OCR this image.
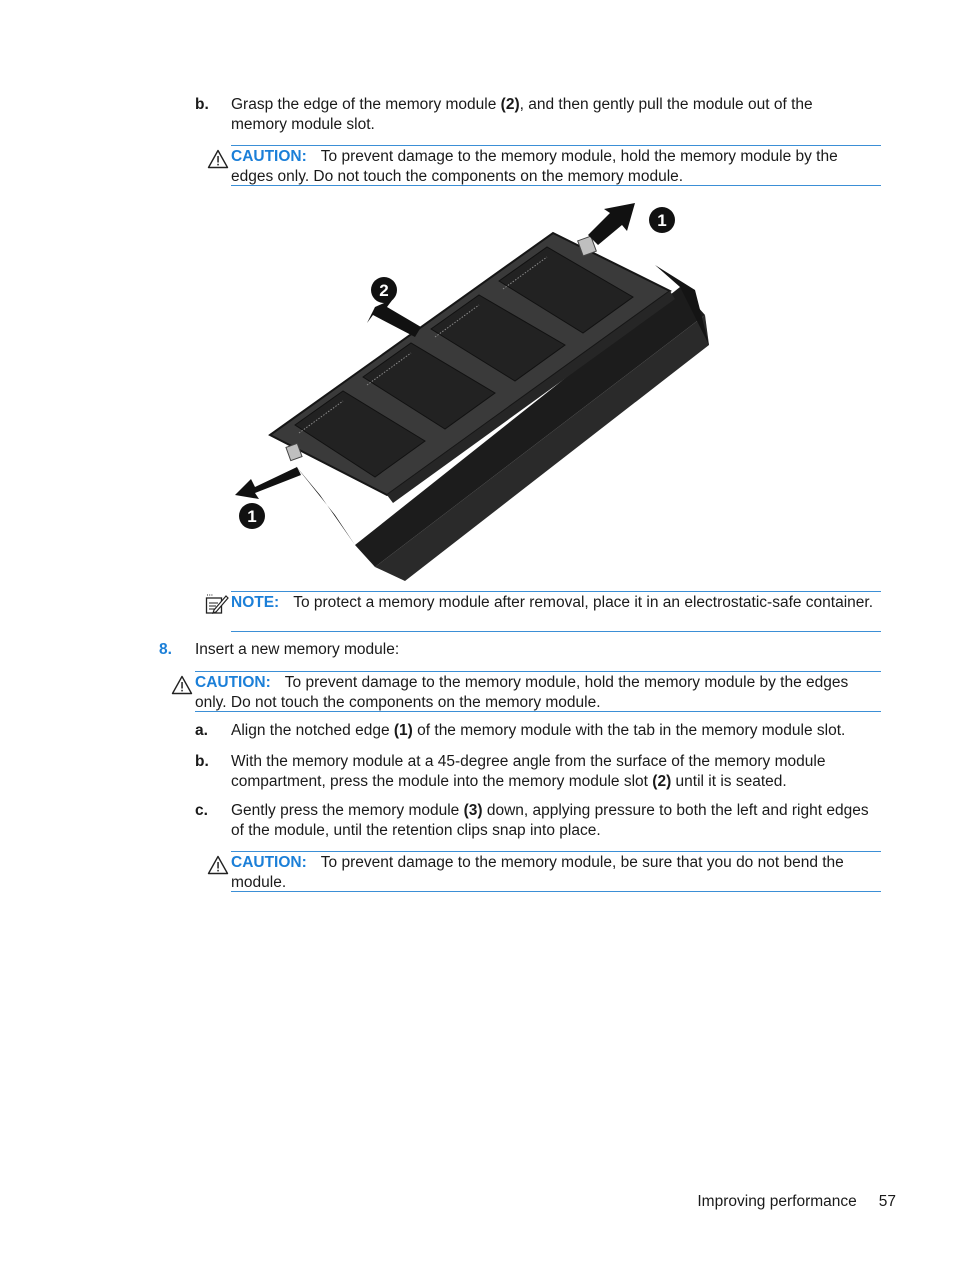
b. Grasp the edge of the memory module (2), and then gently pull the module out of the memory module slot.
CAUTION: To prevent damage to the memory module, hold the memory module by the edges only. Do not touch the components on the memory module.
1
2
1
NOTE: To protect a memory module after removal, place it in an electrostatic-safe container.
8. Insert a new memory module:
CAUTION: To prevent damage to the memory module, hold the memory module by the edges only. Do not touch the components on the memory module.
a. Align the notched edge (1) of the memory module with the tab in the memory module slot.
b. With the memory module at a 45-degree angle from the surface of the memory module compartment, press the module into the memory module slot (2) until it is seated.
c. Gently press the memory module (3) down, applying pressure to both the left and right edges of the module, until the retention clips snap into place.
CAUTION: To prevent damage to the memory module, be sure that you do not bend the module.
Improving performance 57
